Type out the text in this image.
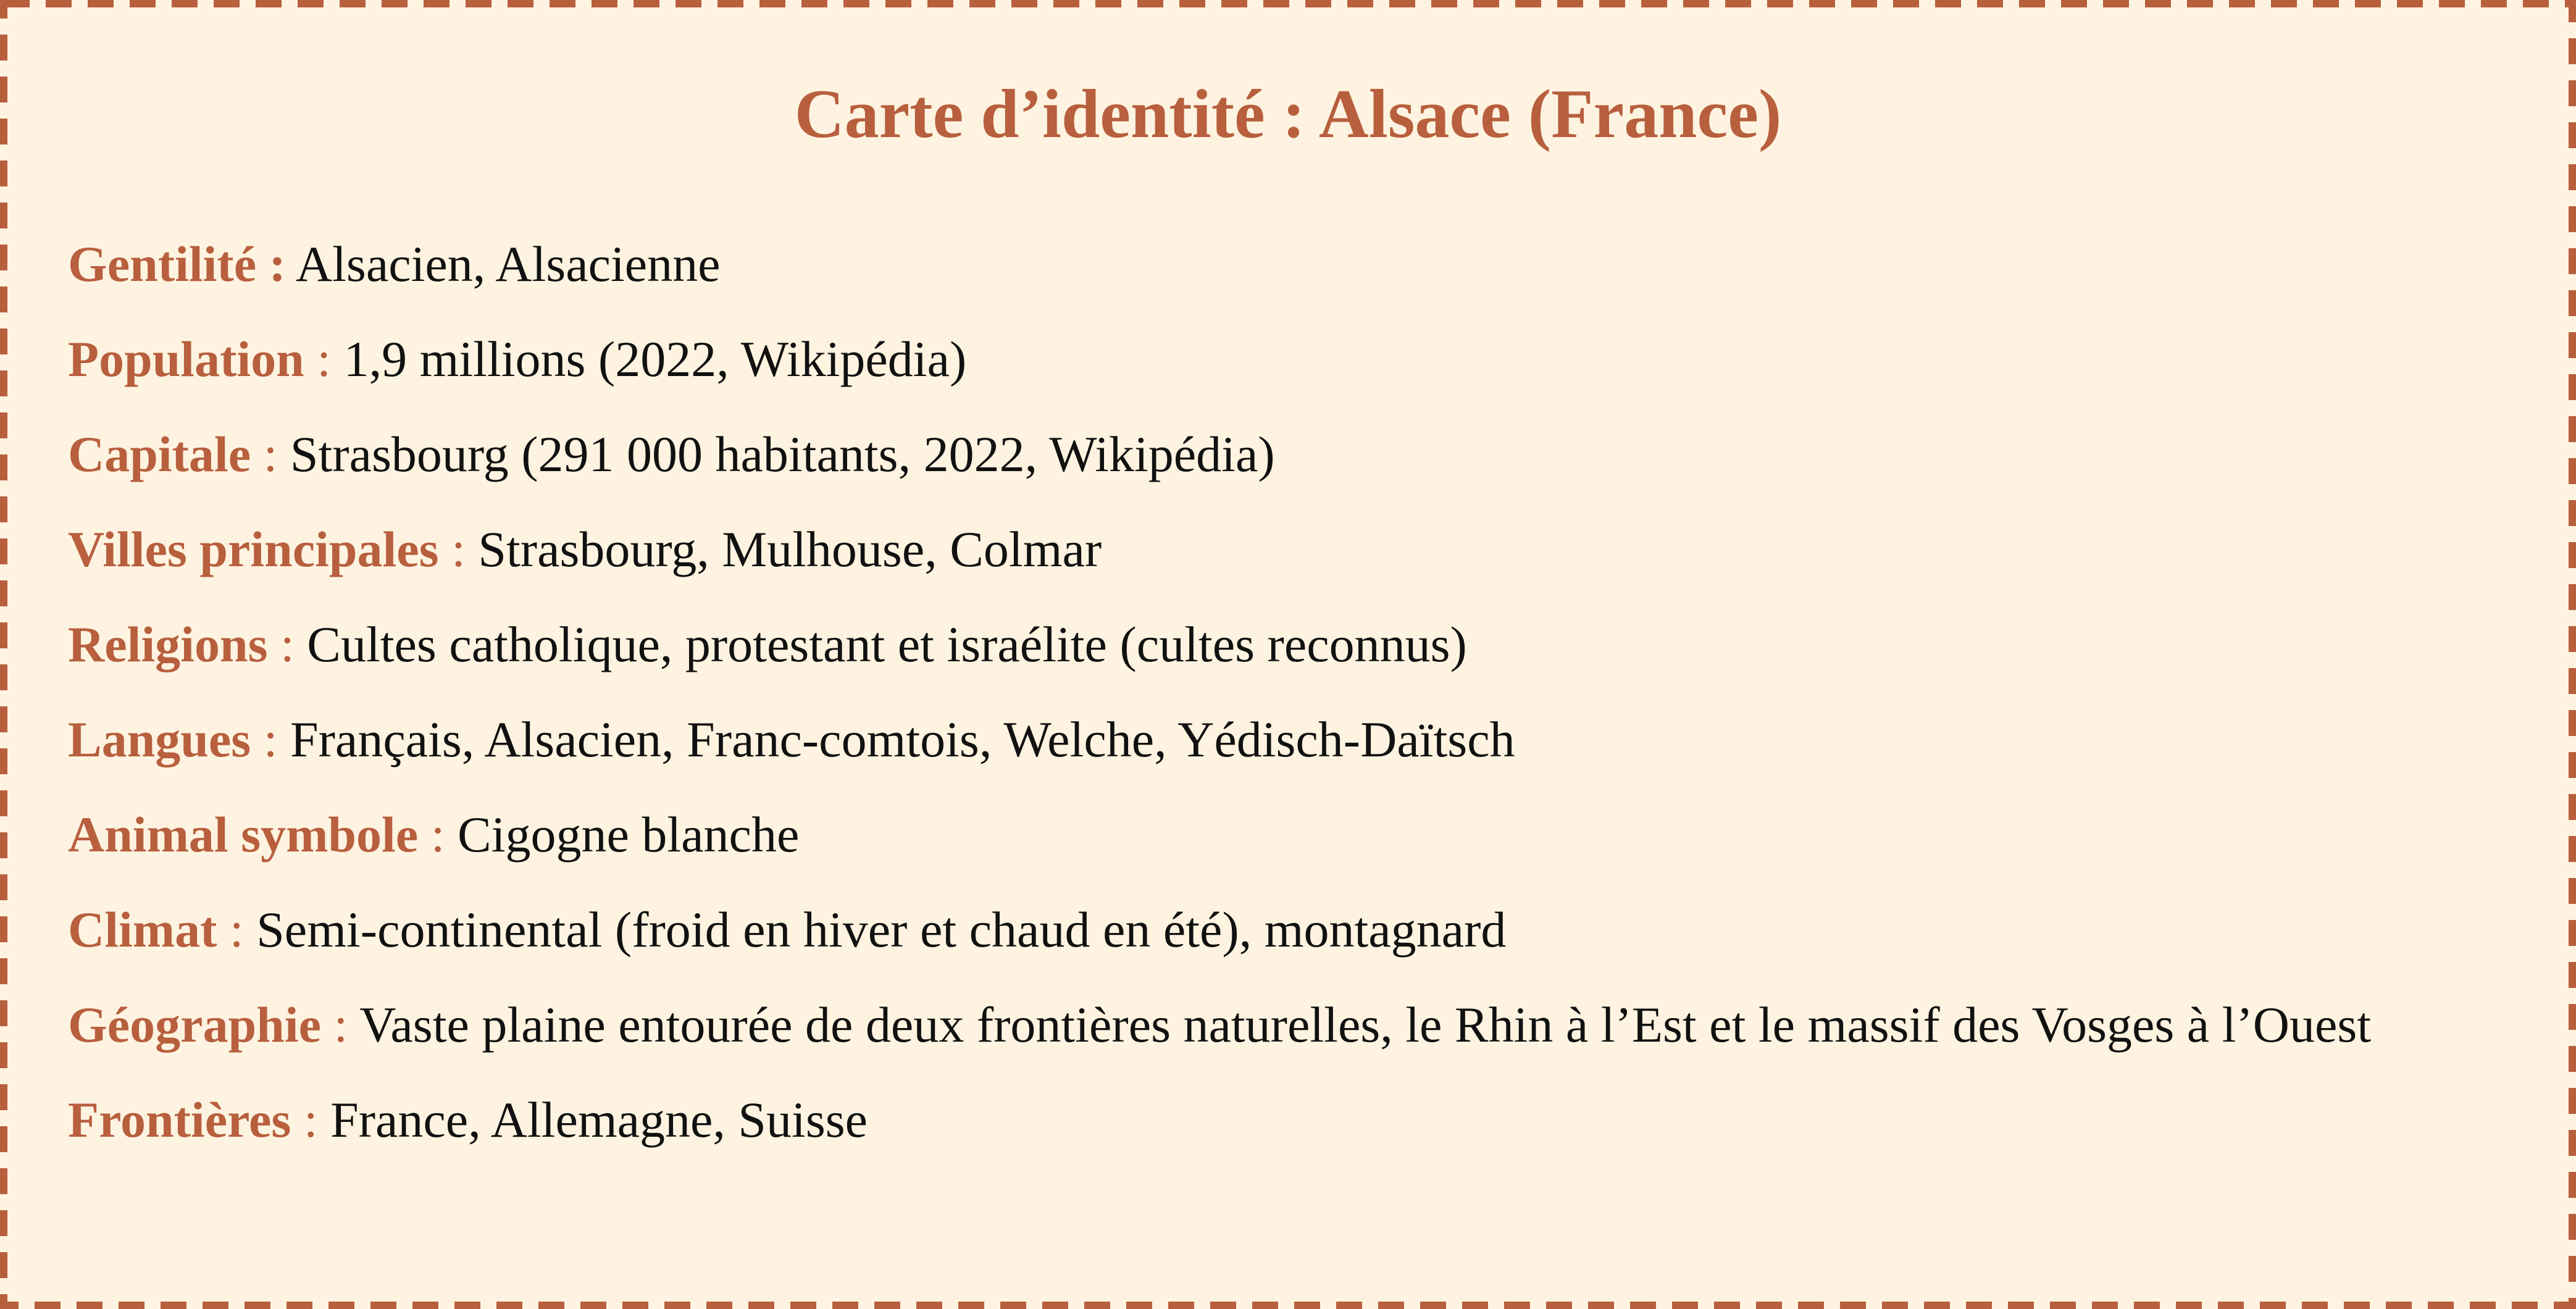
Carte d’identité : Alsace (France)

Gentilité : Alsacien, Alsacienne

Population : 1,9 millions (2022, Wikipédia)

Capitale : Strasbourg (291 000 habitants, 2022, Wikipédia)

Villes principales : Strasbourg, Mulhouse, Colmar

Religions : Cultes catholique, protestant et israélite (cultes reconnus)

Langues : Français, Alsacien, Franc-comtois, Welche, Yédisch-Daïtsch

Animal symbole : Cigogne blanche

Climat : Semi-continental (froid en hiver et chaud en été), montagnard

Géographie : Vaste plaine entourée de deux frontières naturelles, le Rhin à l’Est et le massif des Vosges à l’Ouest

Frontières : France, Allemagne, Suisse
